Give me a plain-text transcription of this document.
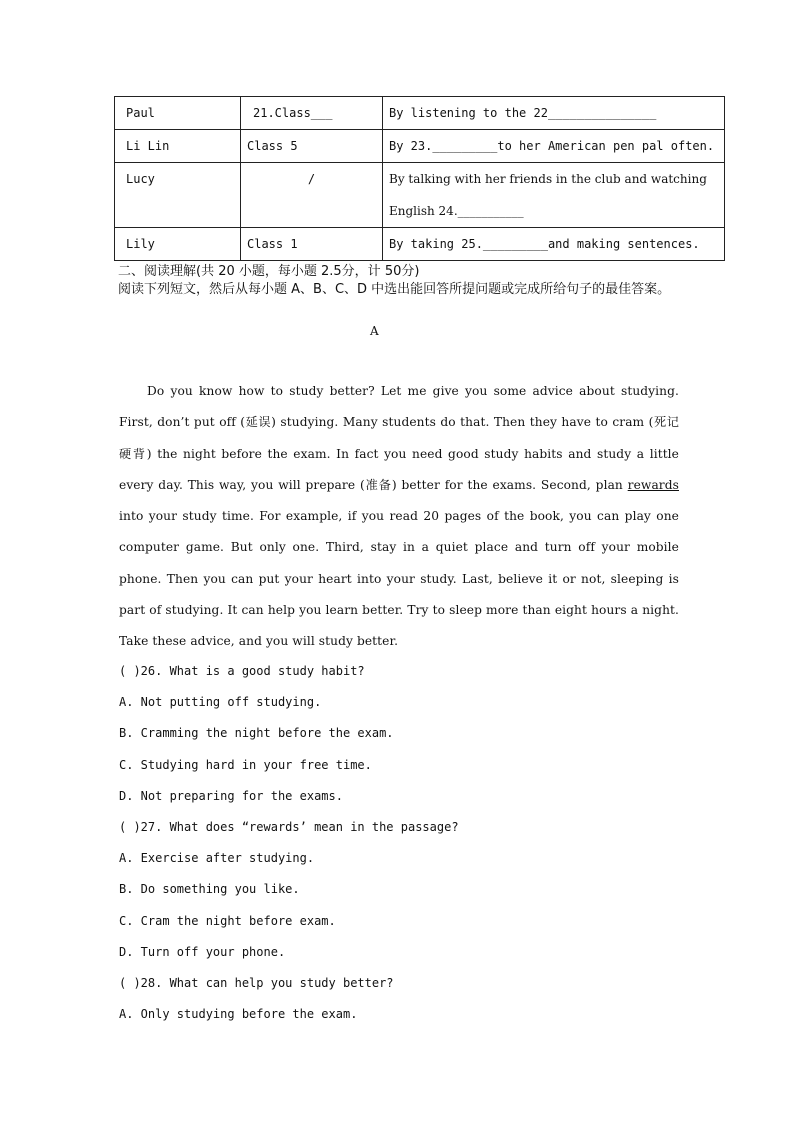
Paul	21.Class___	By listening to the 22_______________
Li Lin	Class 5	By 23._________to her American pen pal often.
Lucy	/	By talking with her friends in the club and watching
English 24.___________

Lily	Class 1	By taking 25._________and making sentences.
二、阅读理解(共 20 小题，每小题 2.5分，计 50分)
阅读下列短文，然后从每小题 A、B、C、D 中选出能回答所提问题或完成所给句子的最佳答案。
A

Do you know how to study better? Let me give you some advice about studying. First, don’t put off (延误) studying. Many students do that. Then they have to cram (死记硬背) the night before the exam. In fact you need good study habits and study a little every day. This way, you will prepare (准备) better for the exams. Second, plan rewards into your study time. For example, if you read 20 pages of the book, you can play one computer game. But only one. Third, stay in a quiet place and turn off your mobile phone. Then you can put your heart into your study. Last, believe it or not, sleeping is part of studying. It can help you learn better. Try to sleep more than eight hours a night. Take these advice, and you will study better.

( )26. What is a good study habit?
A. Not putting off studying.
B. Cramming the night before the exam.
C. Studying hard in your free time.
D. Not preparing for the exams.
( )27. What does “rewards’ mean in the passage?
A. Exercise after studying.
B. Do something you like.
C. Cram the night before exam.
D. Turn off your phone.
( )28. What can help you study better?
A. Only studying before the exam.
